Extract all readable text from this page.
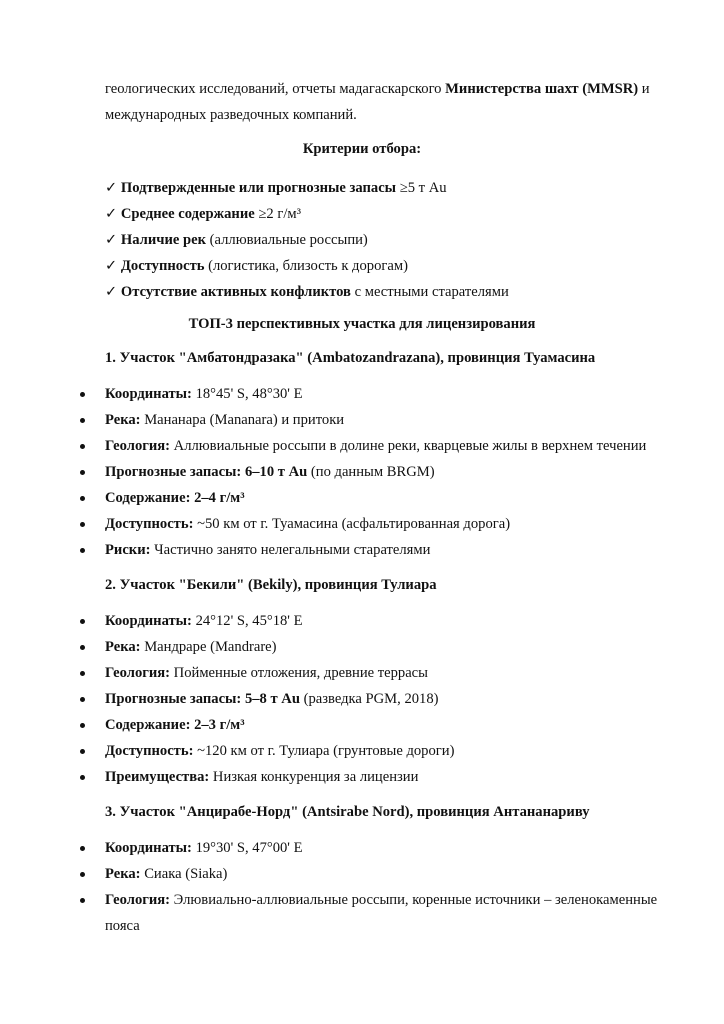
геологических исследований, отчеты мадагаскарского Министерства шахт (MMSR) и
международных разведочных компаний.
Критерии отбора:
✓ Подтвержденные или прогнозные запасы ≥5 т Au
✓ Среднее содержание ≥2 г/м³
✓ Наличие рек (аллювиальные россыпи)
✓ Доступность (логистика, близость к дорогам)
✓ Отсутствие активных конфликтов с местными старателями
ТОП-3 перспективных участка для лицензирования
1. Участок "Амбатондразака" (Ambatozandrazana), провинция Туамасина
Координаты: 18°45' S, 48°30' E
Река: Мананара (Mananara) и притоки
Геология: Аллювиальные россыпи в долине реки, кварцевые жилы в верхнем течении
Прогнозные запасы: 6–10 т Au (по данным BRGM)
Содержание: 2–4 г/м³
Доступность: ~50 км от г. Туамасина (асфальтированная дорога)
Риски: Частично занято нелегальными старателями
2. Участок "Бекили" (Bekily), провинция Тулиара
Координаты: 24°12' S, 45°18' E
Река: Мандраре (Mandrare)
Геология: Пойменные отложения, древние террасы
Прогнозные запасы: 5–8 т Au (разведка PGM, 2018)
Содержание: 2–3 г/м³
Доступность: ~120 км от г. Тулиара (грунтовые дороги)
Преимущества: Низкая конкуренция за лицензии
3. Участок "Анцирабе-Норд" (Antsirabe Nord), провинция Антананариву
Координаты: 19°30' S, 47°00' E
Река: Сиака (Siaka)
Геология: Элювиально-аллювиальные россыпи, коренные источники – зеленокаменные пояса
